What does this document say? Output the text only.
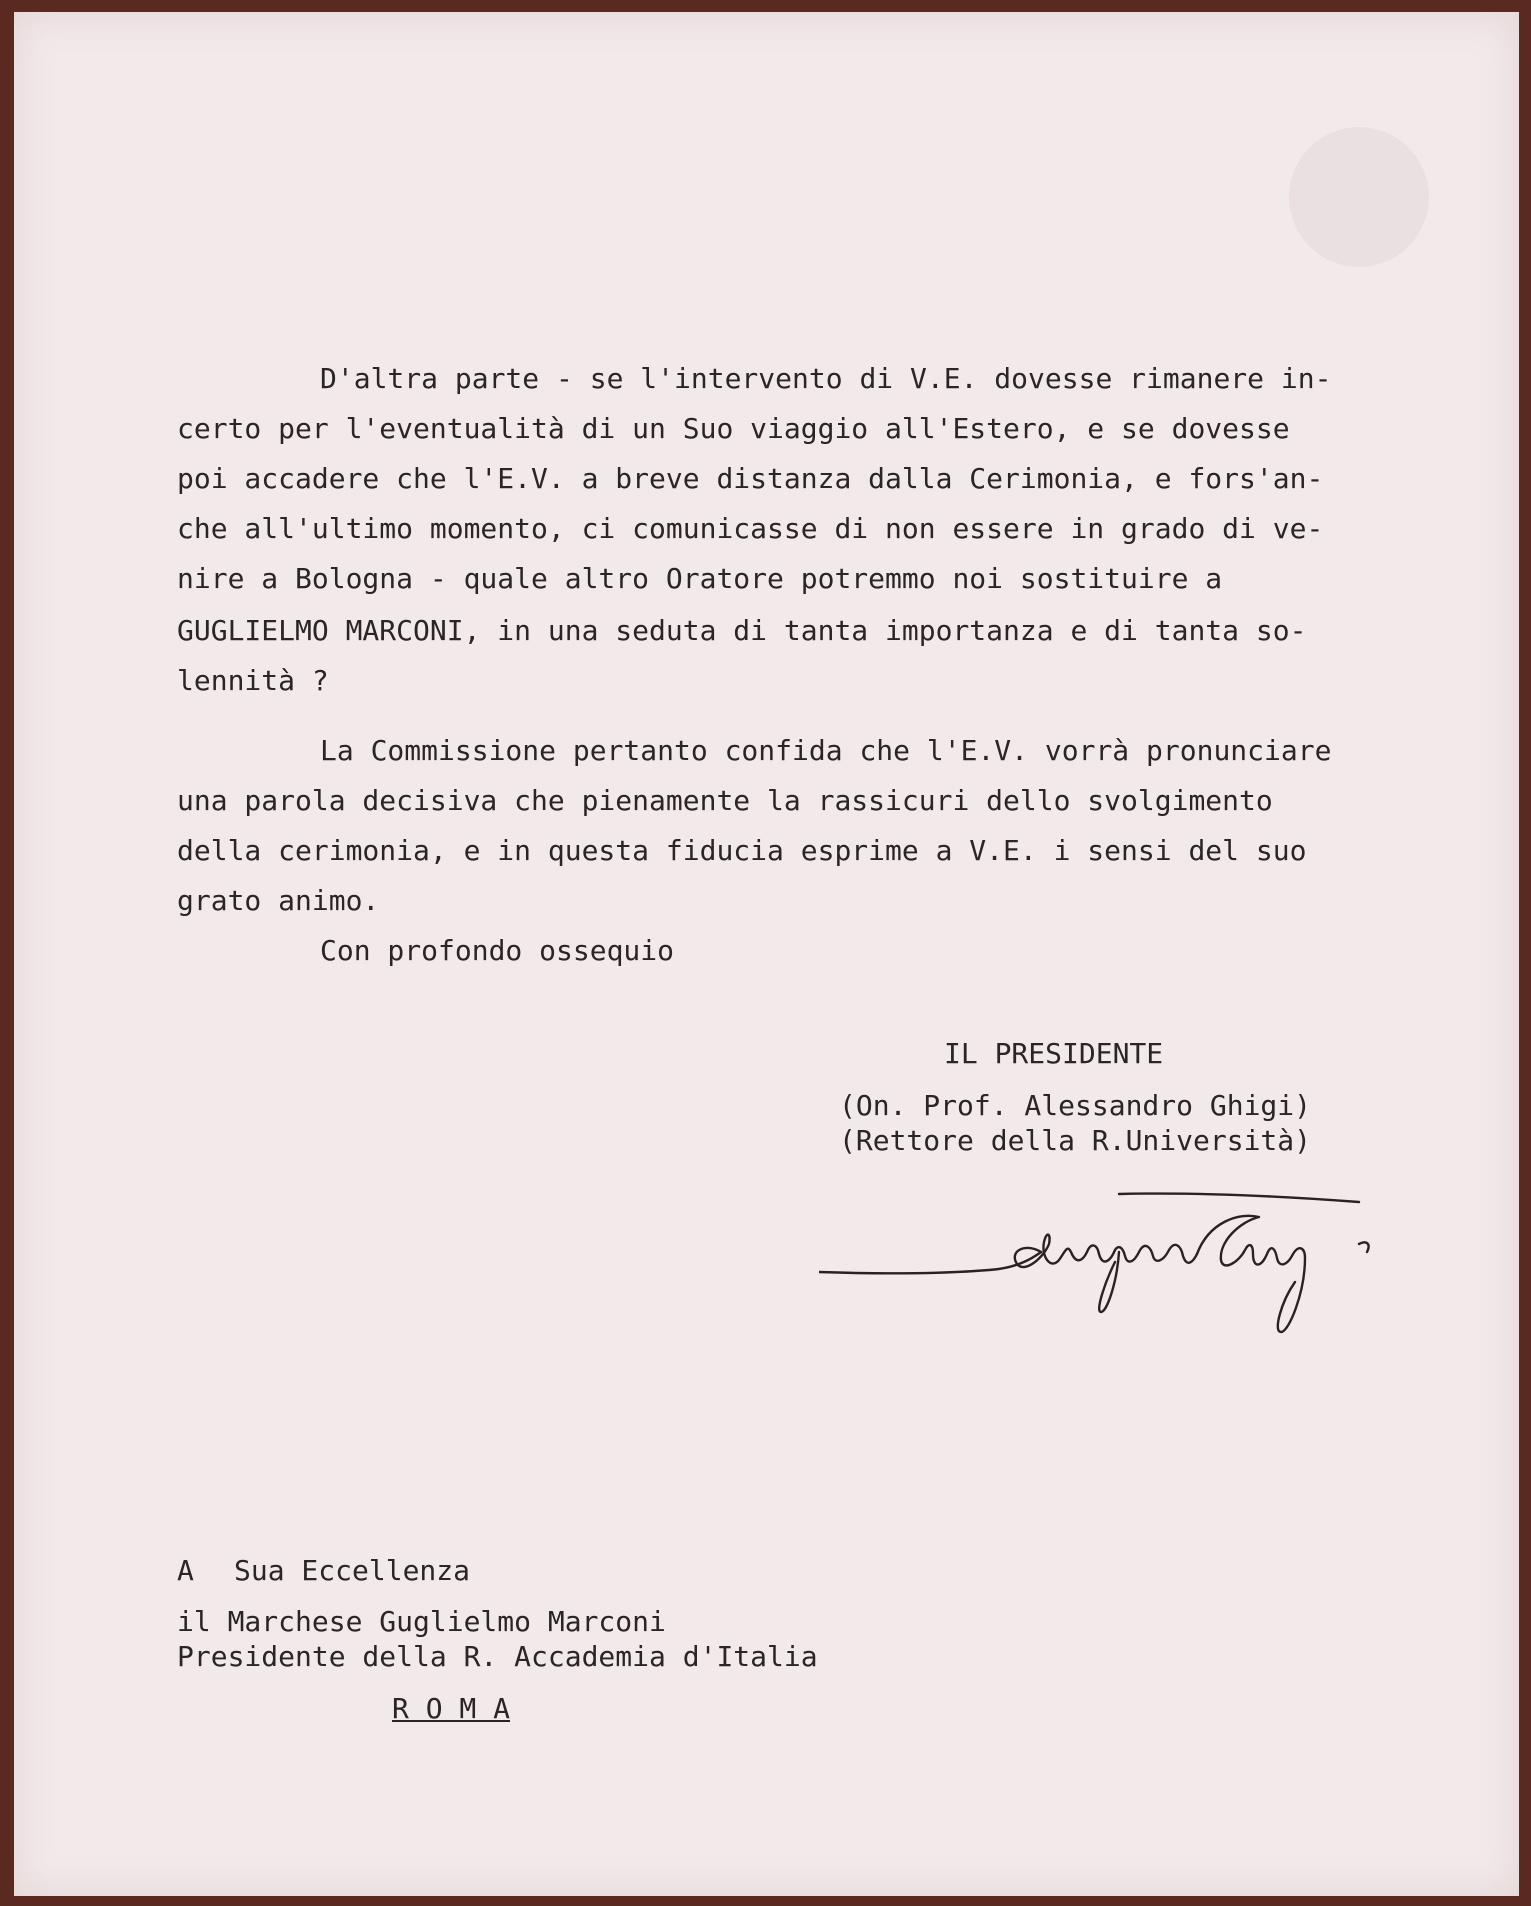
D'altra parte - se l'intervento di V.E. dovesse rimanere in-
certo per l'eventualità di un Suo viaggio all'Estero, e se dovesse
poi accadere che l'E.V. a breve distanza dalla Cerimonia, e fors'an-
che all'ultimo momento, ci comunicasse di non essere in grado di ve-
nire a Bologna - quale altro Oratore potremmo noi sostituire a
GUGLIELMO MARCONI, in una seduta di tanta importanza e di tanta so-
lennità ?
La Commissione pertanto confida che l'E.V. vorrà pronunciare
una parola decisiva che pienamente la rassicuri dello svolgimento
della cerimonia, e in questa fiducia esprime a V.E. i sensi del suo
grato animo.
Con profondo ossequio
IL PRESIDENTE
(On. Prof. Alessandro Ghigi)
(Rettore della R.Università)
A Sua Eccellenza
il Marchese Guglielmo Marconi
Presidente della R. Accademia d'Italia
R O M A
